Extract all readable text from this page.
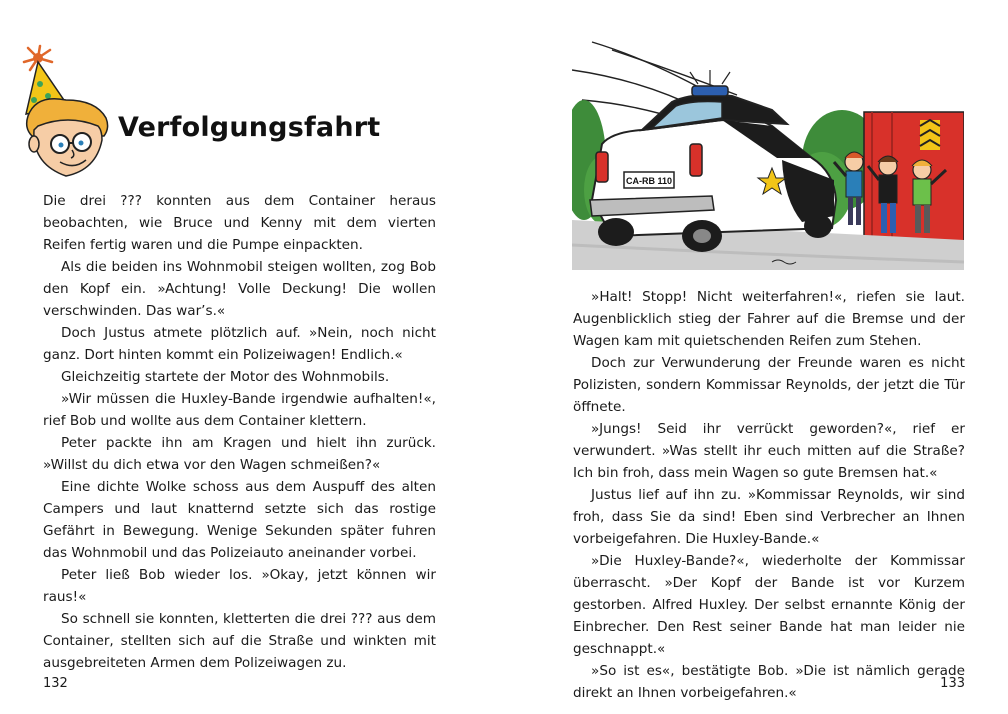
Verfolgungsfahrt

Die drei ??? konnten aus dem Container heraus beobachten, wie Bruce und Kenny mit dem vierten Reifen fertig waren und die Pumpe einpackten.

Als die beiden ins Wohnmobil steigen wollten, zog Bob den Kopf ein. »Achtung! Volle Deckung! Die wollen verschwinden. Das war’s.«

Doch Justus atmete plötzlich auf. »Nein, noch nicht ganz. Dort hinten kommt ein Polizeiwagen! Endlich.«

Gleichzeitig startete der Motor des Wohnmobils.

»Wir müssen die Huxley-Bande irgendwie aufhalten!«, rief Bob und wollte aus dem Container klettern.

Peter packte ihn am Kragen und hielt ihn zurück. »Willst du dich etwa vor den Wagen schmeißen?«

Eine dichte Wolke schoss aus dem Auspuff des alten Campers und laut knatternd setzte sich das rostige Gefährt in Bewegung. Wenige Sekunden später fuhren das Wohnmobil und das Polizeiauto aneinander vorbei.

Peter ließ Bob wieder los. »Okay, jetzt können wir raus!«

So schnell sie konnten, kletterten die drei ??? aus dem Container, stellten sich auf die Straße und winkten mit ausgebreiteten Armen dem Polizeiwagen zu.

132
CA-RB 110

»Halt! Stopp! Nicht weiterfahren!«, riefen sie laut. Augenblicklich stieg der Fahrer auf die Bremse und der Wagen kam mit quietschenden Reifen zum Stehen.

Doch zur Verwunderung der Freunde waren es nicht Polizisten, sondern Kommissar Reynolds, der jetzt die Tür öffnete.

»Jungs! Seid ihr verrückt geworden?«, rief er verwundert. »Was stellt ihr euch mitten auf die Straße? Ich bin froh, dass mein Wagen so gute Bremsen hat.«

Justus lief auf ihn zu. »Kommissar Reynolds, wir sind froh, dass Sie da sind! Eben sind Verbrecher an Ihnen vorbeigefahren. Die Huxley-Bande.«

»Die Huxley-Bande?«, wiederholte der Kommissar überrascht. »Der Kopf der Bande ist vor Kurzem gestorben. Alfred Huxley. Der selbst ernannte König der Einbrecher. Den Rest seiner Bande hat man leider nie geschnappt.«

»So ist es«, bestätigte Bob. »Die ist nämlich gerade direkt an Ihnen vorbeigefahren.«

133
